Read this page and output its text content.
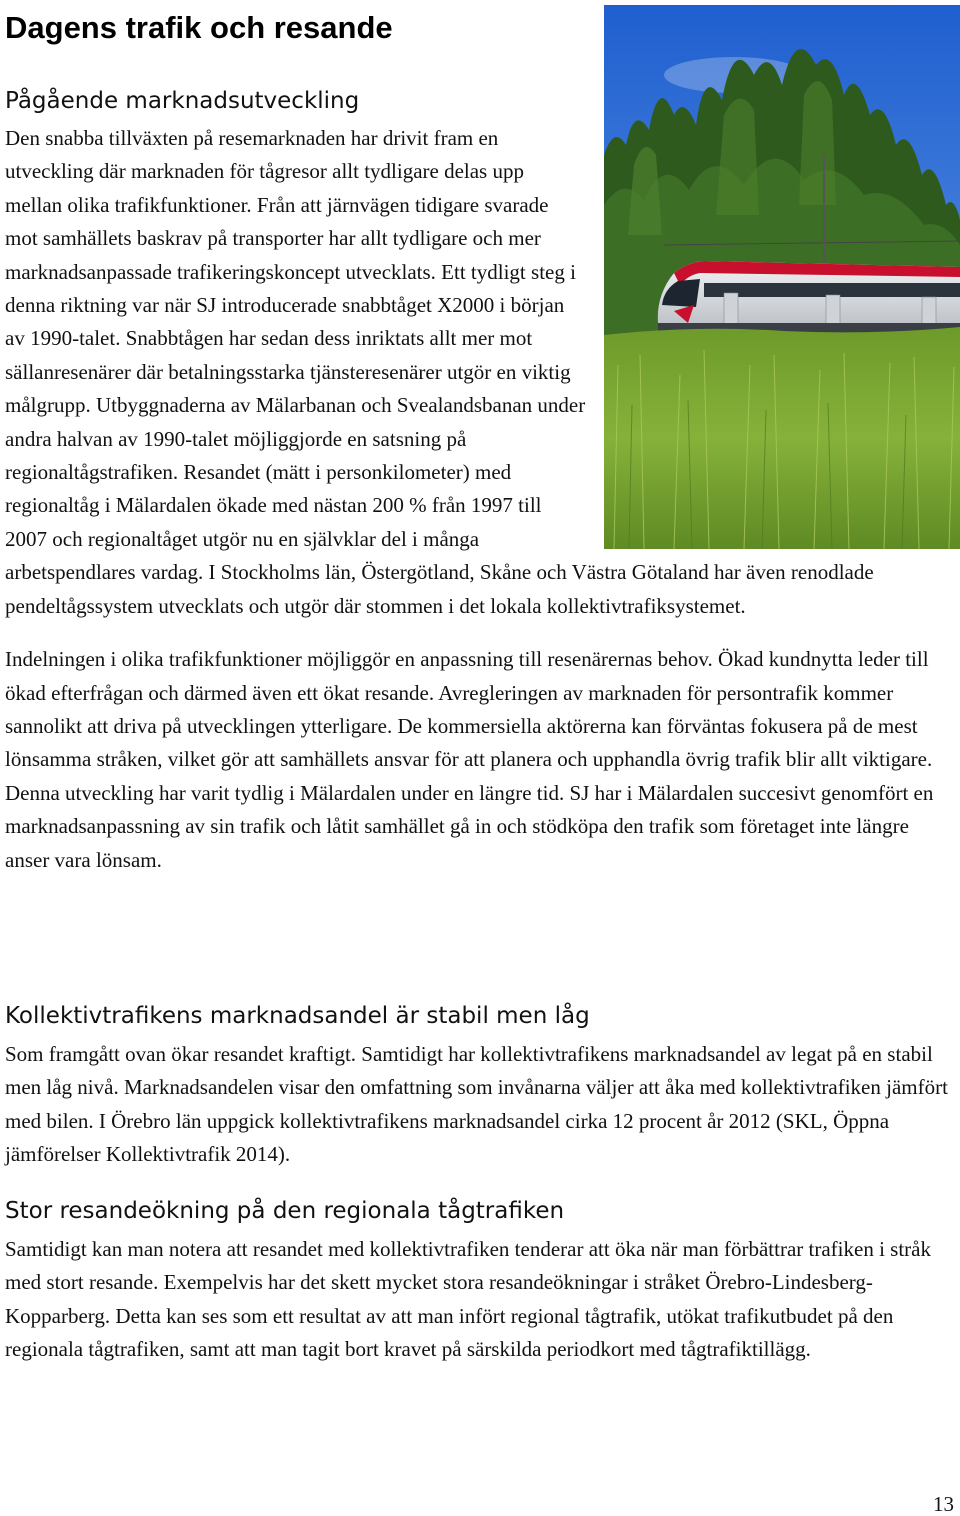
Dagens trafik och resande
Pågående marknadsutveckling

Den snabba tillväxten på resemarknaden har drivit fram en utveckling där marknaden för tågresor allt tydligare delas upp mellan olika trafikfunktioner. Från att järnvägen tidigare svarade mot samhällets baskrav på transporter har allt tydligare och mer marknadsanpassade trafikeringskoncept utvecklats. Ett tydligt steg i denna riktning var när SJ introducerade snabbtåget X2000 i början av 1990-talet. Snabbtågen har sedan dess inriktats allt mer mot sällanresenärer där betalningsstarka tjänsteresenärer utgör en viktig målgrupp. Utbyggnaderna av Mälarbanan och Svealandsbanan under andra halvan av 1990-talet möjliggjorde en satsning på regionaltågstrafiken. Resandet (mätt i personkilometer) med regionaltåg i Mälardalen ökade med nästan 200 % från 1997 till 2007 och regionaltåget utgör nu en självklar del i många arbetspendlares vardag. I Stockholms län, Östergötland, Skåne och Västra Götaland har även renodlade pendeltågssystem utvecklats och utgör där stommen i det lokala kollektivtrafiksystemet.

Indelningen i olika trafikfunktioner möjliggör en anpassning till resenärernas behov. Ökad kundnytta leder till ökad efterfrågan och därmed även ett ökat resande. Avregleringen av marknaden för persontrafik kommer sannolikt att driva på utvecklingen ytterligare. De kommersiella aktörerna kan förväntas fokusera på de mest lönsamma stråken, vilket gör att samhällets ansvar för att planera och upphandla övrig trafik blir allt viktigare. Denna utveckling har varit tydlig i Mälardalen under en längre tid. SJ har i Mälardalen succesivt genomfört en marknadsanpassning av sin trafik och låtit samhället gå in och stödköpa den trafik som företaget inte längre anser vara lönsam.

Kollektivtrafikens marknadsandel är stabil men låg

Som framgått ovan ökar resandet kraftigt. Samtidigt har kollektivtrafikens marknadsandel av legat på en stabil men låg nivå. Marknadsandelen visar den omfattning som invånarna väljer att åka med kollektivtrafiken jämfört med bilen. I Örebro län uppgick kollektivtrafikens marknadsandel cirka 12 procent år 2012 (SKL, Öppna jämförelser Kollektivtrafik 2014).

Stor resandeökning på den regionala tågtrafiken

Samtidigt kan man notera att resandet med kollektivtrafiken tenderar att öka när man förbättrar trafiken i stråk med stort resande. Exempelvis har det skett mycket stora resandeökningar i stråket Örebro-Lindesberg-Kopparberg. Detta kan ses som ett resultat av att man infört regional tågtrafik, utökat trafikutbudet på den regionala tågtrafiken, samt att man tagit bort kravet på särskilda periodkort med tågtrafiktillägg.

13
